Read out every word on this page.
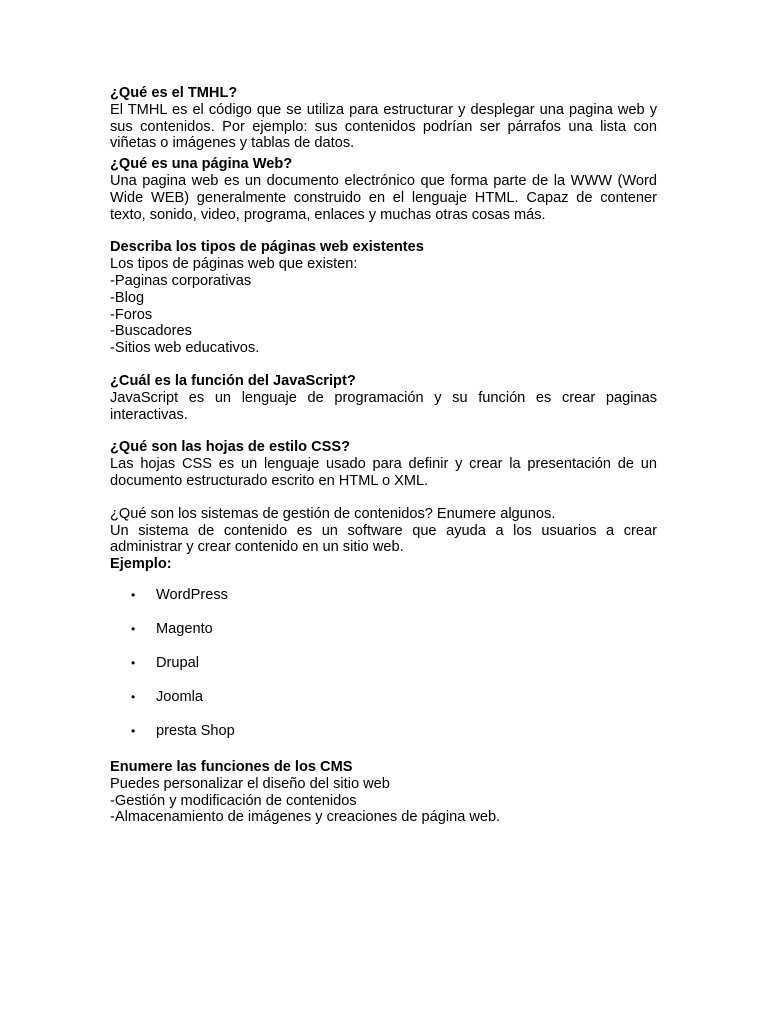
¿Qué es el TMHL?

El TMHL es el código que se utiliza para estructurar y desplegar una pagina web y sus contenidos. Por ejemplo: sus contenidos podrían ser párrafos una lista con viñetas o imágenes y tablas de datos.

¿Qué es una página Web?

Una pagina web es un documento electrónico que forma parte de la WWW (Word Wide WEB) generalmente construido en el lenguaje HTML. Capaz de contener texto, sonido, video, programa, enlaces y muchas otras cosas más.

Describa los tipos de páginas web existentes

Los tipos de páginas web que existen:

-Paginas corporativas

-Blog

-Foros

-Buscadores

-Sitios web educativos.

¿Cuál es la función del JavaScript?

JavaScript es un lenguaje de programación y su función es crear paginas interactivas.

¿Qué son las hojas de estilo CSS?

Las hojas CSS es un lenguaje usado para definir y crear la presentación de un documento estructurado escrito en HTML o XML.

¿Qué son los sistemas de gestión de contenidos? Enumere algunos.

Un sistema de contenido es un software que ayuda a los usuarios a crear administrar y crear contenido en un sitio web.

Ejemplo:

• WordPress
• Magento
• Drupal
• Joomla
• presta Shop

Enumere las funciones de los CMS

Puedes personalizar el diseño del sitio web

-Gestión y modificación de contenidos

-Almacenamiento de imágenes y creaciones de página web.
